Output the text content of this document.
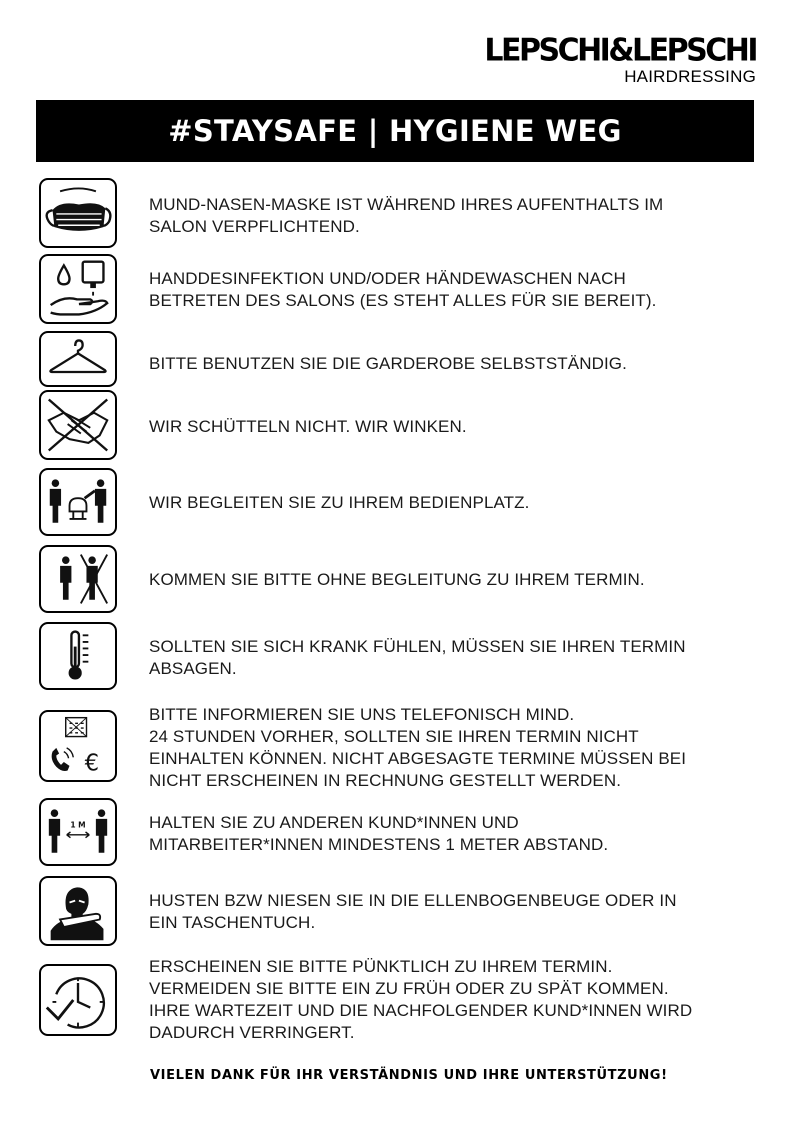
LEPSCHI&LEPSCHI
HAIRDRESSING
#STAYSAFE | HYGIENE WEG
MUND-NASEN-MASKE IST WÄHREND IHRES AUFENTHALTS IM
SALON VERPFLICHTEND.
HANDDESINFEKTION UND/ODER HÄNDEWASCHEN NACH
BETRETEN DES SALONS (ES STEHT ALLES FÜR SIE BEREIT).
BITTE BENUTZEN SIE DIE GARDEROBE SELBSTSTÄNDIG.
WIR SCHÜTTELN NICHT. WIR WINKEN.
WIR BEGLEITEN SIE ZU IHREM BEDIENPLATZ.
KOMMEN SIE BITTE OHNE BEGLEITUNG ZU IHREM TERMIN.
SOLLTEN SIE SICH KRANK FÜHLEN, MÜSSEN SIE IHREN TERMIN
ABSAGEN.
€
BITTE INFORMIEREN SIE UNS TELEFONISCH MIND.
24 STUNDEN VORHER, SOLLTEN SIE IHREN TERMIN NICHT
EINHALTEN KÖNNEN. NICHT ABGESAGTE TERMINE MÜSSEN BEI
NICHT ERSCHEINEN IN RECHNUNG GESTELLT WERDEN.
1 M	HALTEN SIE ZU ANDEREN KUND*INNEN UND
MITARBEITER*INNEN MINDESTENS 1 METER ABSTAND.
HUSTEN BZW NIESEN SIE IN DIE ELLENBOGENBEUGE ODER IN
EIN TASCHENTUCH.
ERSCHEINEN SIE BITTE PÜNKTLICH ZU IHREM TERMIN.
VERMEIDEN SIE BITTE EIN ZU FRÜH ODER ZU SPÄT KOMMEN.
IHRE WARTEZEIT UND DIE NACHFOLGENDER KUND*INNEN WIRD
DADURCH VERRINGERT.
VIELEN DANK FÜR IHR VERSTÄNDNIS UND IHRE UNTERSTÜTZUNG!
